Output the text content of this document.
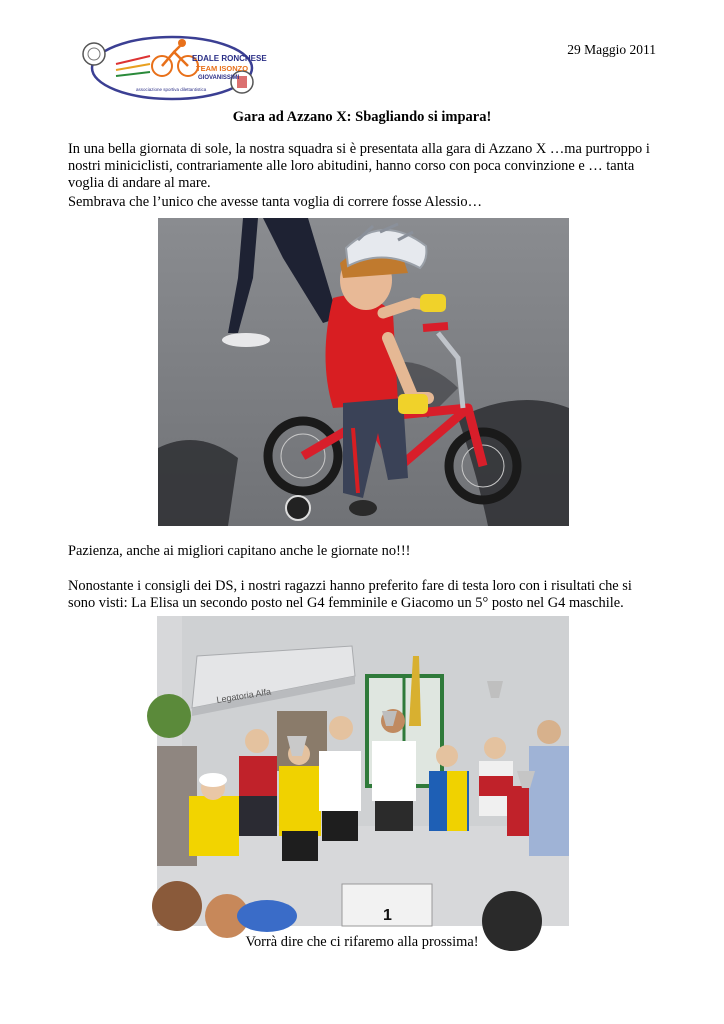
EDALE RONCHESE
TEAM ISONZO
GIOVANISSIMI
associazione sportiva dilettantistica
29 Maggio 2011
Gara ad Azzano X: Sbagliando si impara!
In una bella giornata di sole, la nostra squadra si è presentata alla gara di Azzano X …ma purtroppo i nostri miniciclisti, contrariamente alle loro abitudini, hanno corso con poca convinzione e … tanta voglia di andare al mare.
Sembrava che l’unico che avesse tanta voglia di correre fosse Alessio…
Pazienza, anche ai migliori capitano anche le giornate no!!!
Nonostante i consigli dei DS, i nostri ragazzi hanno preferito fare di testa loro con i risultati che si sono visti: La Elisa un secondo posto nel G4 femminile e Giacomo un 5° posto nel G4 maschile.
Legatoria Alfa
1
Vorrà dire che ci rifaremo alla prossima!
